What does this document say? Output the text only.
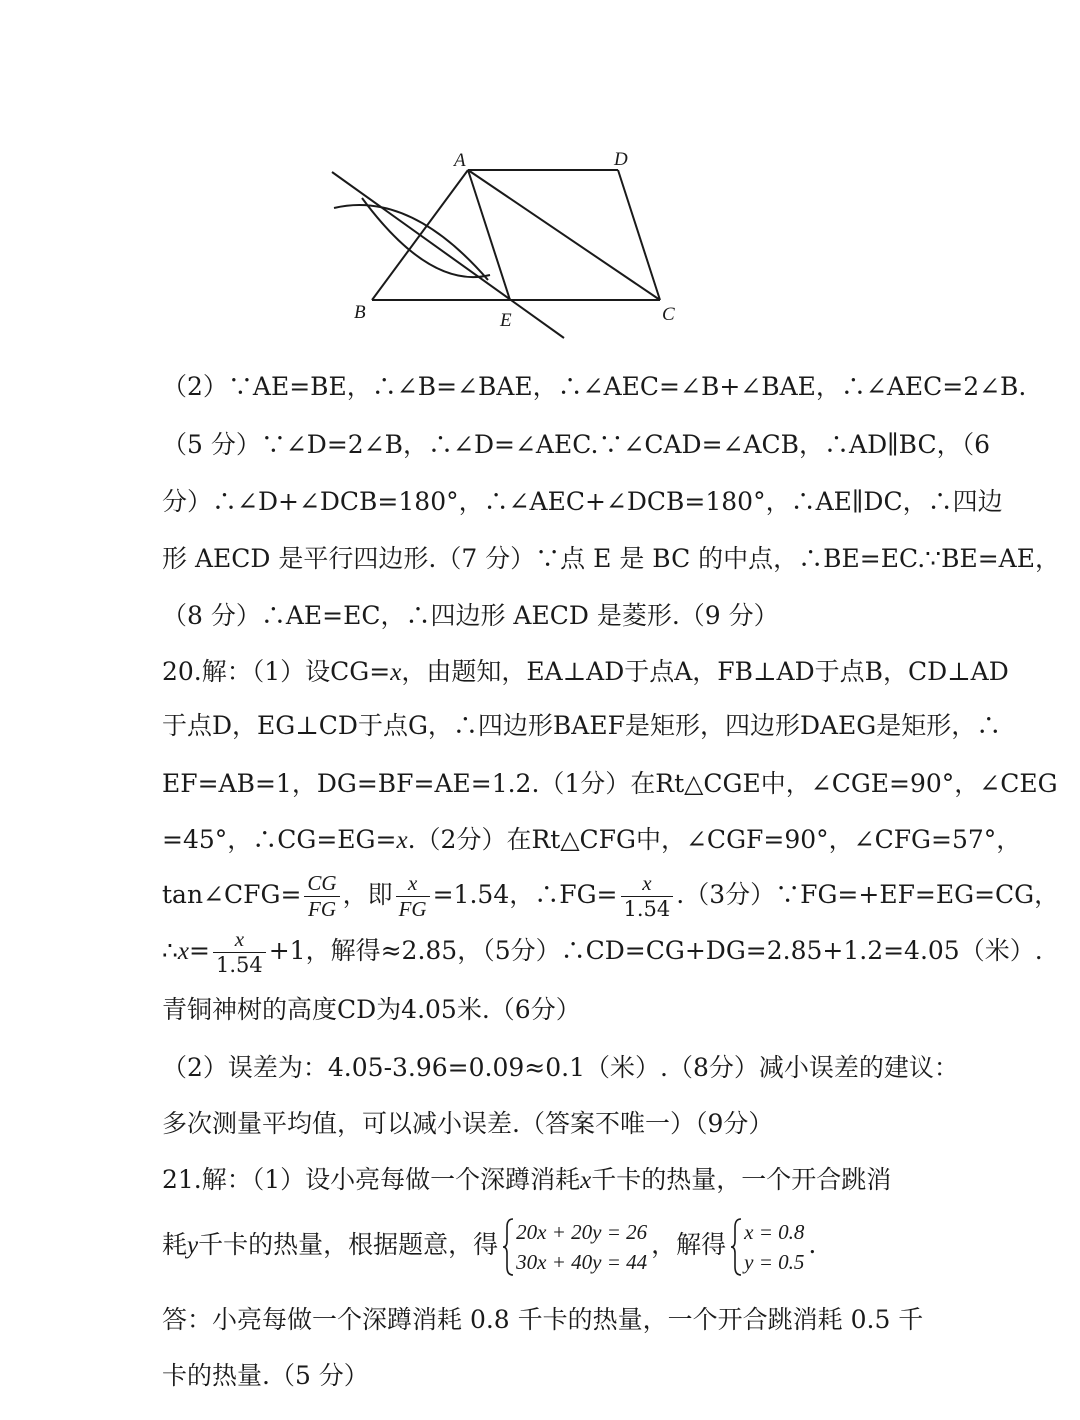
A	D
B	E	C
（2）∵AE=BE，∴∠B=∠BAE，∴∠AEC=∠B+∠BAE，∴∠AEC=2∠B.
（5 分）∵∠D=2∠B，∴∠D=∠AEC.∵∠CAD=∠ACB，∴AD∥BC，（6
分）∴∠D+∠DCB=180°，∴∠AEC+∠DCB=180°，∴AE∥DC，∴四边
形 AECD 是平行四边形.（7 分）∵点 E 是 BC 的中点，∴BE=EC.∵BE=AE，
（8 分）∴AE=EC，∴四边形 AECD 是菱形.（9 分）
20.解：（1）设CG=x，由题知，EA⊥AD于点A，FB⊥AD于点B，CD⊥AD
于点D，EG⊥CD于点G，∴四边形BAEF是矩形，四边形DAEG是矩形，∴
EF=AB=1，DG=BF=AE=1.2.（1分）在Rt△CGE中，∠CGE=90°，∠CEG
=45°，∴CG=EG=x.（2分）在Rt△CFG中，∠CGF=90°，∠CFG=57°，
tan∠CFG= $\frac{CG}{FG}$ ，即 $\frac{x}{FG} =1.54$，∴FG= $\frac{x}{1.54} .(3$分）∵FG=+EF=EG=CG，
∴x= $\frac{x}{1.54} +1$，解得≈2.85，（5分）∴CD=CG+DG=2.85+1.2=4.05（米）.
青铜神树的高度CD为4.05米.（6分）
（2）误差为：4.05-3.96=0.09≈0.1（米）.（8分）减小误差的建议：
多次测量平均值，可以减小误差.（答案不唯一）（9分）
21.解：（1）设小亮每做一个深蹲消耗x千卡的热量，一个开合跳消
耗y千卡的热量，根据题意，得 20x + 20y = 26
30x + 40y = 44
，解得 x = 0.8
y = 0.5
.
答：小亮每做一个深蹲消耗 0.8 千卡的热量，一个开合跳消耗 0.5 千
卡的热量.（5 分）
